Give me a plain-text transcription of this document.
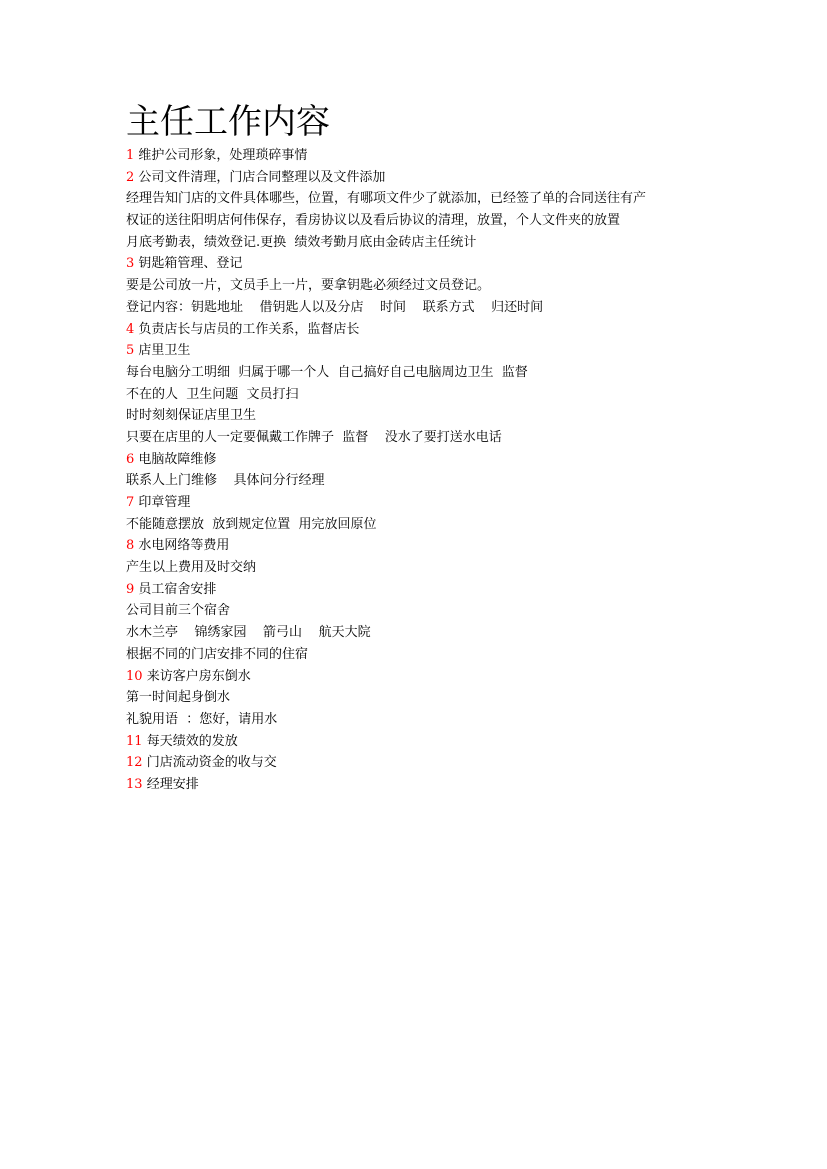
主任工作内容
1 维护公司形象，处理琐碎事情
2 公司文件清理，门店合同整理以及文件添加
经理告知门店的文件具体哪些，位置，有哪项文件少了就添加，已经签了单的合同送往有产
权证的送往阳明店何伟保存，看房协议以及看后协议的清理，放置，个人文件夹的放置
月底考勤表，绩效登记.更换  绩效考勤月底由金砖店主任统计
3 钥匙箱管理、登记
要是公司放一片，文员手上一片，要拿钥匙必须经过文员登记。
登记内容：钥匙地址    借钥匙人以及分店    时间    联系方式    归还时间
4 负责店长与店员的工作关系，监督店长
5 店里卫生
每台电脑分工明细  归属于哪一个人  自己搞好自己电脑周边卫生  监督
不在的人  卫生问题  文员打扫
时时刻刻保证店里卫生
只要在店里的人一定要佩戴工作牌子  监督    没水了要打送水电话
6 电脑故障维修
联系人上门维修    具体问分行经理
7 印章管理
不能随意摆放  放到规定位置  用完放回原位
8 水电网络等费用
产生以上费用及时交纳
9 员工宿舍安排
公司目前三个宿舍
水木兰亭    锦绣家园    箭弓山    航天大院
根据不同的门店安排不同的住宿
10 来访客户房东倒水
第一时间起身倒水
礼貌用语  ：您好，请用水
11 每天绩效的发放
12 门店流动资金的收与交
13 经理安排
